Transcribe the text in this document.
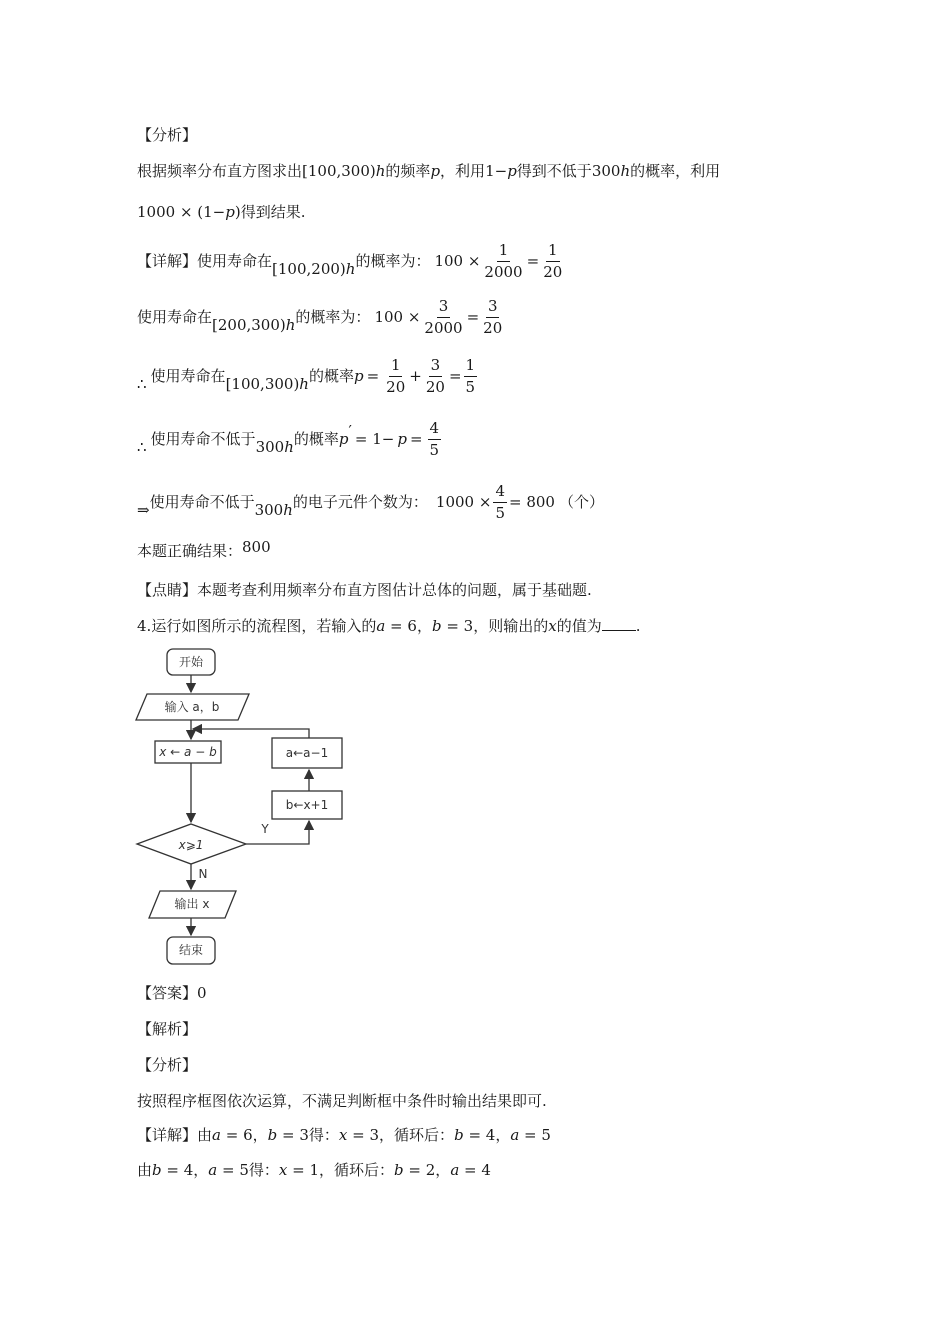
【分析】
根据频率分布直方图求出[100,300)h的频率p，利用1−p得到不低于300h的概率，利用
1000 × (1−p)得到结果.
【详解】 使用寿命在 [100,200) h 的概率为： $100 \times \frac{1}{2000} = \frac{1}{20}$
使用寿命在 [200,300) h 的概率为： $100 \times \frac{3}{2000} = \frac{3}{20}$
∴ 使用寿命在 [100,300) h 的概率 $p = \frac{1}{20} + \frac{3}{20} = \frac{1}{5}$
∴ 使用寿命不低于 300 h 的概率 p ′ = $1- p = \frac{4}{5}$
⇒ 使用寿命不低于 300 h 的电子元件个数为： $1000 \times \frac{4}{5} = 800$ （个）
本题正确结果：800
【点睛】本题考查利用频率分布直方图估计总体的问题，属于基础题.
4.运行如图所示的流程图，若输入的a = 6，b = 3，则输出的x的值为 .
开始
输入 a，b
x ← a − b	a←a−1
b←x+1
x⩾1
Y
N
输出 x
结束
【答案】0
【解析】
【分析】
按照程序框图依次运算，不满足判断框中条件时输出结果即可.
【详解】由a = 6，b = 3得：x = 3，循环后：b = 4，a = 5
由b = 4，a = 5得：x = 1，循环后：b = 2，a = 4
